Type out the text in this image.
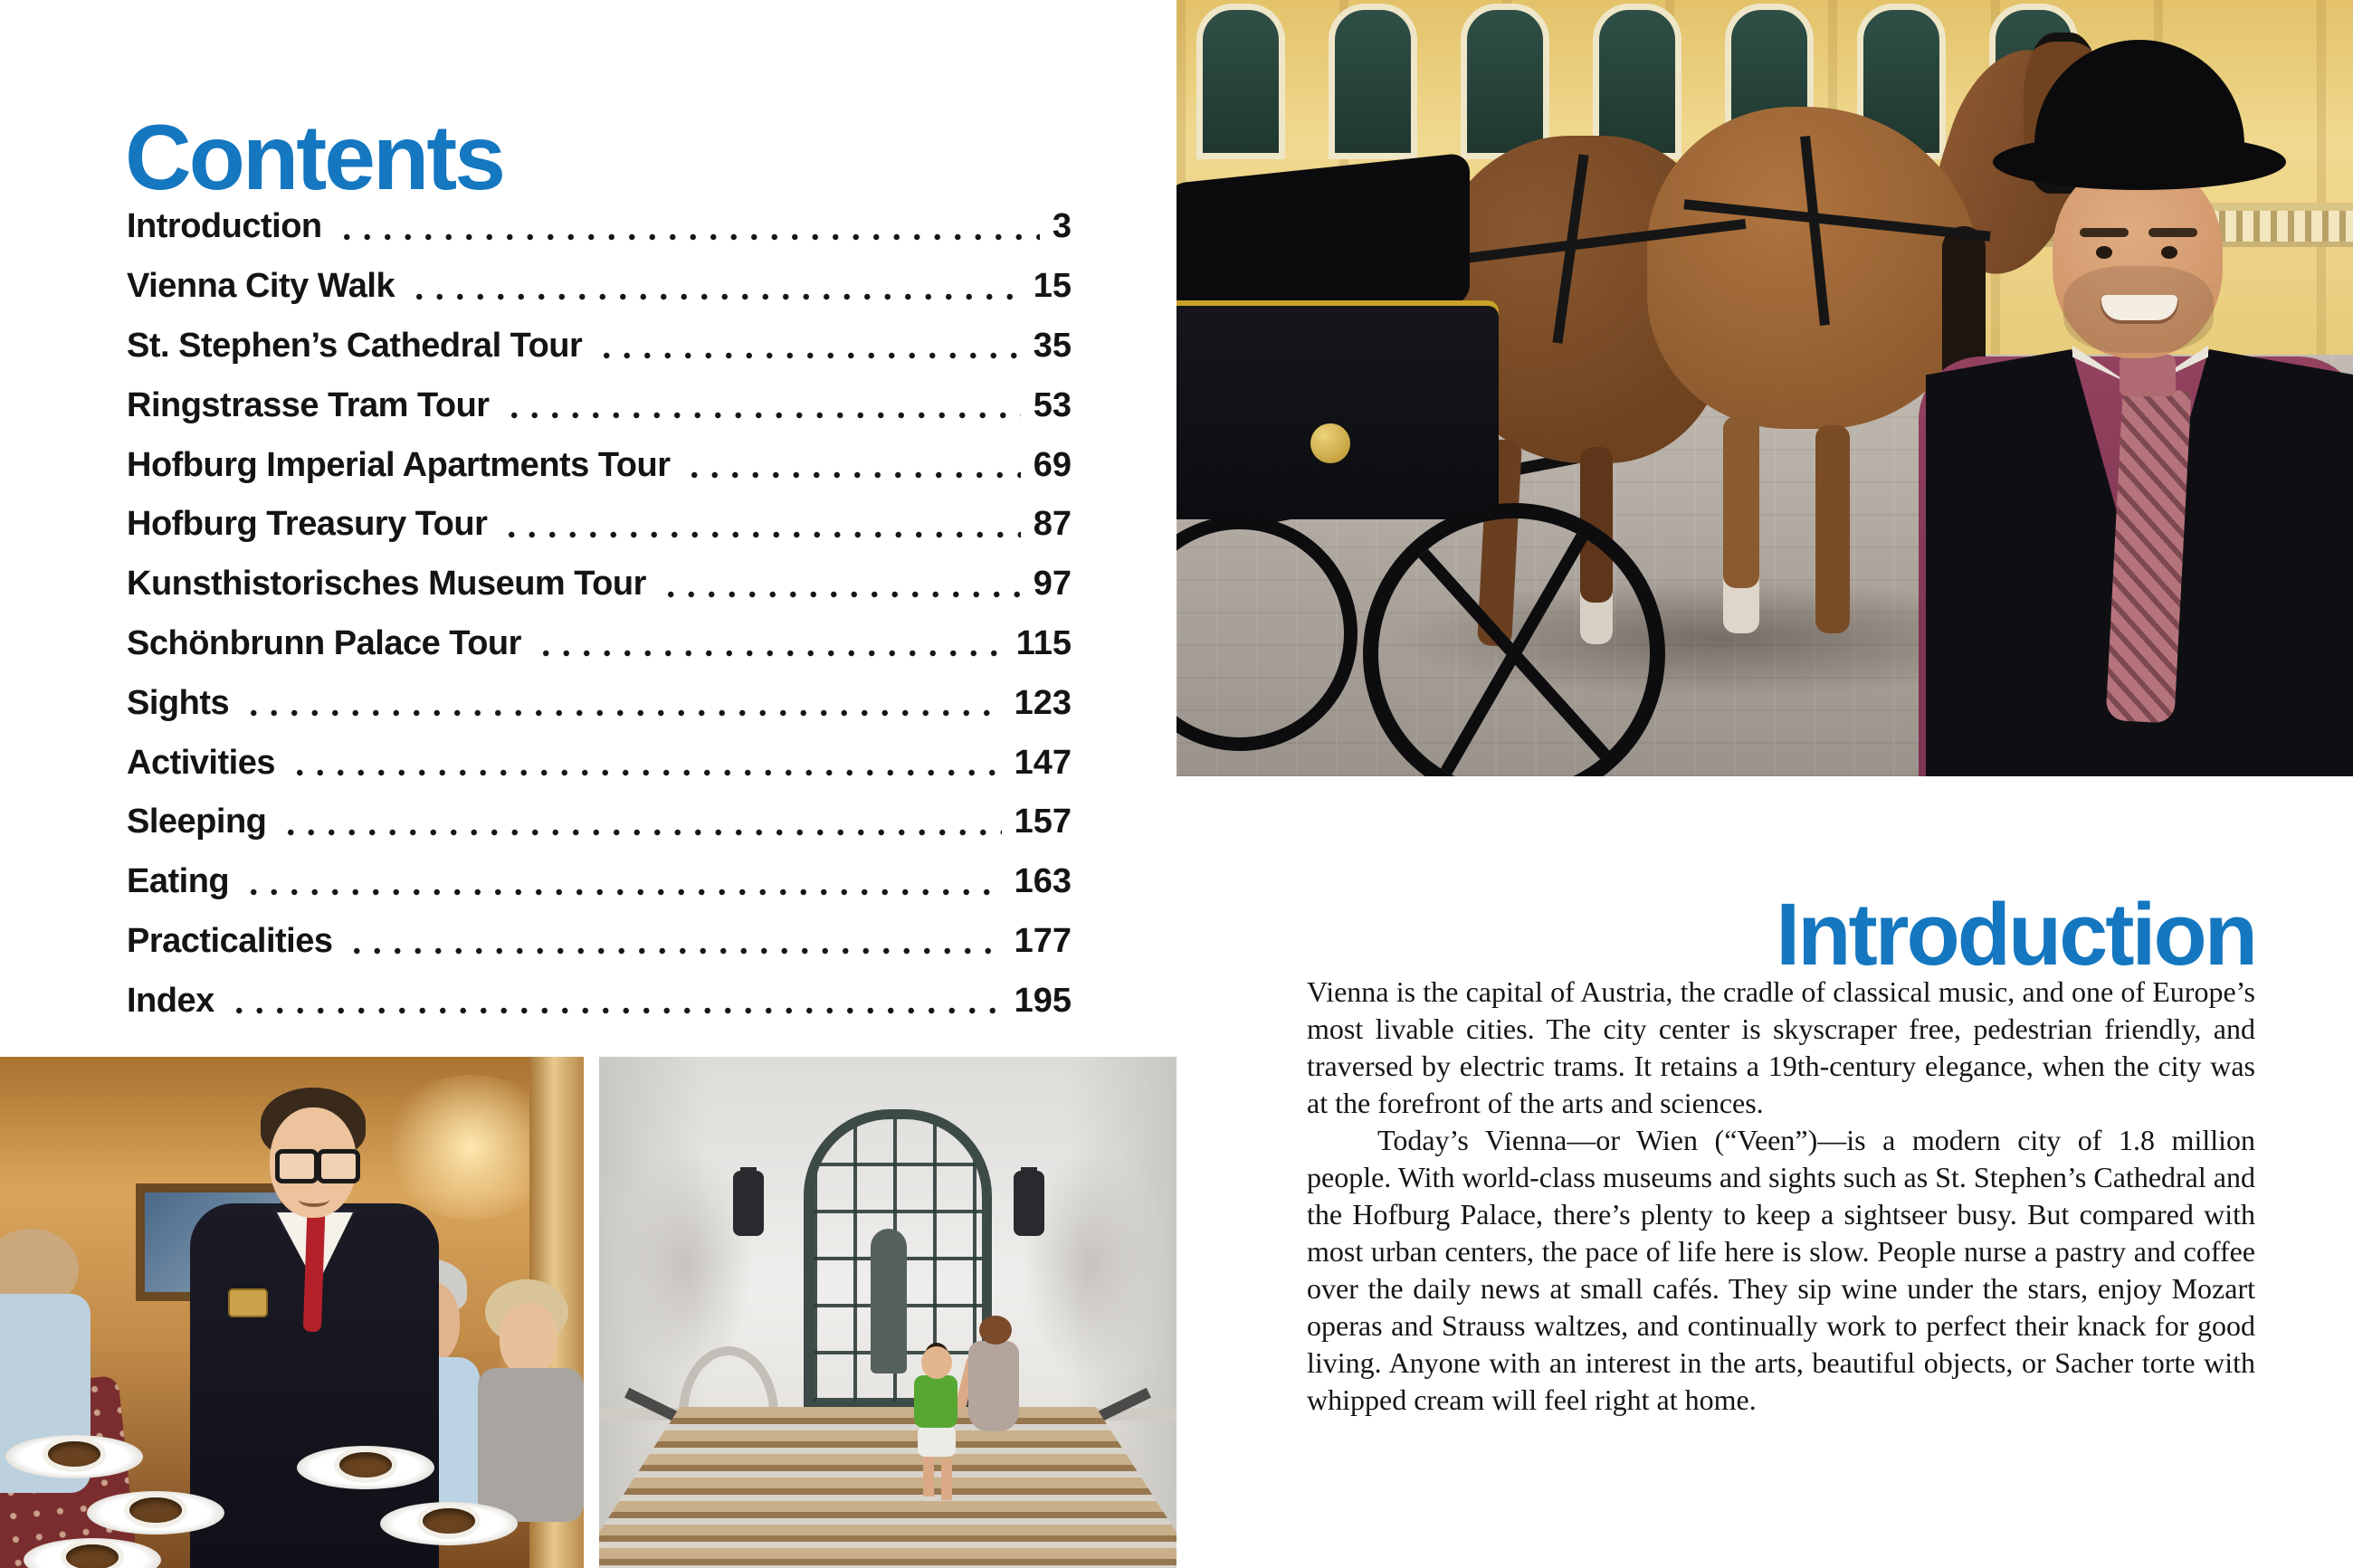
Contents
Introduction	3
Vienna City Walk	15
St. Stephen’s Cathedral Tour	35
Ringstrasse Tram Tour	53
Hofburg Imperial Apartments Tour	69
Hofburg Treasury Tour	87
Kunsthistorisches Museum Tour	97
Schönbrunn Palace Tour	115
Sights	123
Activities	147
Sleeping	157
Eating	163
Practicalities	177
Index	195
Introduction

Vienna is the capital of Austria, the cradle of classical music, and one of Europe’s most livable cities. The city center is skyscraper free, pedestrian friendly, and traversed by electric trams. It retains a 19th-century elegance, when the city was at the forefront of the arts and sciences.

Today’s Vienna—or Wien (“Veen”)—is a modern city of 1.8 million people. With world-class museums and sights such as St. Stephen’s Cathedral and the Hofburg Palace, there’s plenty to keep a sightseer busy. But compared with most urban centers, the pace of life here is slow. People nurse a pastry and coffee over the daily news at small cafés. They sip wine under the stars, enjoy Mozart operas and Strauss waltzes, and continually work to perfect their knack for good living. Anyone with an interest in the arts, beautiful objects, or Sacher torte with whipped cream will feel right at home.
